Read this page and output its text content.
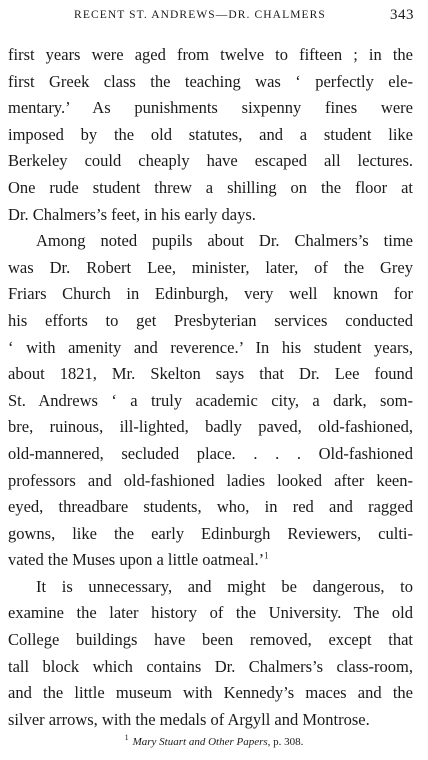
RECENT ST. ANDREWS—DR. CHALMERS	343

first years were aged from twelve to fifteen ; in the
first Greek class the teaching was ‘ perfectly ele-
mentary.’ As punishments sixpenny fines were
imposed by the old statutes, and a student like
Berkeley could cheaply have escaped all lectures.
One rude student threw a shilling on the floor at
Dr. Chalmers’s feet, in his early days.

Among noted pupils about Dr. Chalmers’s time
was Dr. Robert Lee, minister, later, of the Grey
Friars Church in Edinburgh, very well known for
his efforts to get Presbyterian services conducted
‘ with amenity and reverence.’ In his student years,
about 1821, Mr. Skelton says that Dr. Lee found
St. Andrews ‘ a truly academic city, a dark, som-
bre, ruinous, ill-lighted, badly paved, old-fashioned,
old-mannered, secluded place. . . . Old-fashioned
professors and old-fashioned ladies looked after keen-
eyed, threadbare students, who, in red and ragged
gowns, like the early Edinburgh Reviewers, culti-
vated the Muses upon a little oatmeal.’$^1$

It is unnecessary, and might be dangerous, to
examine the later history of the University. The old
College buildings have been removed, except that
tall block which contains Dr. Chalmers’s class-room,
and the little museum with Kennedy’s maces and the
silver arrows, with the medals of Argyll and Montrose.

$^1$ Mary Stuart and Other Papers, p. 308.
